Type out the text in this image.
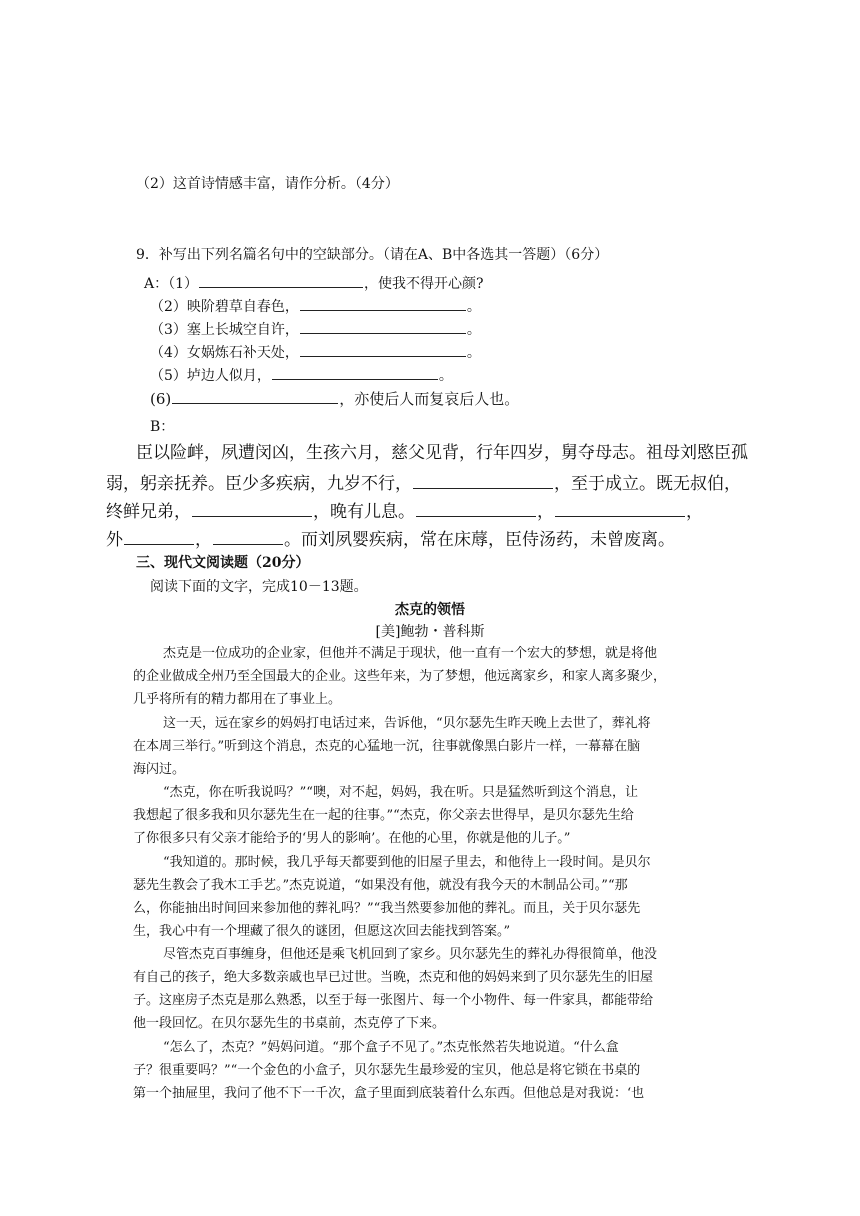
（2）这首诗情感丰富，请作分析。（4分）
9．补写出下列名篇名句中的空缺部分。（请在A、B中各选其一答题）（6分）
A：（1）	，使我不得开心颜?
（2）映阶碧草自春色，	。
（3）塞上长城空自许，	。
（4）女娲炼石补天处，	。
（5）垆边人似月，	。
(6)	，亦使后人而复哀后人也。
B：
臣以险衅，夙遭闵凶，生孩六月，慈父见背，行年四岁，舅夺母志。祖母刘愍臣孤
弱，躬亲抚养。臣少多疾病，九岁不行，	，至于成立。既无叔伯，
终鲜兄弟，	，晚有儿息。	，	，
外	，	。而刘夙婴疾病，常在床蓐，臣侍汤药，未曾废离。
三、现代文阅读题（20分）
阅读下面的文字，完成10－13题。
杰克的领悟
[美]鲍勃・普科斯
杰克是一位成功的企业家，但他并不满足于现状，他一直有一个宏大的梦想，就是将他
的企业做成全州乃至全国最大的企业。这些年来，为了梦想，他远离家乡，和家人离多聚少，
几乎将所有的精力都用在了事业上。
这一天，远在家乡的妈妈打电话过来，告诉他，“贝尔瑟先生昨天晚上去世了，葬礼将
在本周三举行。”听到这个消息，杰克的心猛地一沉，往事就像黑白影片一样，一幕幕在脑
海闪过。
“杰克，你在听我说吗？”“噢，对不起，妈妈，我在听。只是猛然听到这个消息，让
我想起了很多我和贝尔瑟先生在一起的往事。”“杰克，你父亲去世得早，是贝尔瑟先生给
了你很多只有父亲才能给予的‘男人的影响’。在他的心里，你就是他的儿子。”
“我知道的。那时候，我几乎每天都要到他的旧屋子里去，和他待上一段时间。是贝尔
瑟先生教会了我木工手艺。”杰克说道，“如果没有他，就没有我今天的木制品公司。”“那
么，你能抽出时间回来参加他的葬礼吗？”“我当然要参加他的葬礼。而且，关于贝尔瑟先
生，我心中有一个埋藏了很久的谜团，但愿这次回去能找到答案。”
尽管杰克百事缠身，但他还是乘飞机回到了家乡。贝尔瑟先生的葬礼办得很简单，他没
有自己的孩子，绝大多数亲戚也早已过世。当晚，杰克和他的妈妈来到了贝尔瑟先生的旧屋
子。这座房子杰克是那么熟悉，以至于每一张图片、每一个小物件、每一件家具，都能带给
他一段回忆。在贝尔瑟先生的书桌前，杰克停了下来。
“怎么了，杰克？”妈妈问道。“那个盒子不见了。”杰克怅然若失地说道。“什么盒
子？很重要吗？”“一个金色的小盒子，贝尔瑟先生最珍爱的宝贝，他总是将它锁在书桌的
第一个抽屉里，我问了他不下一千次，盒子里面到底装着什么东西。但他总是对我说：‘也
